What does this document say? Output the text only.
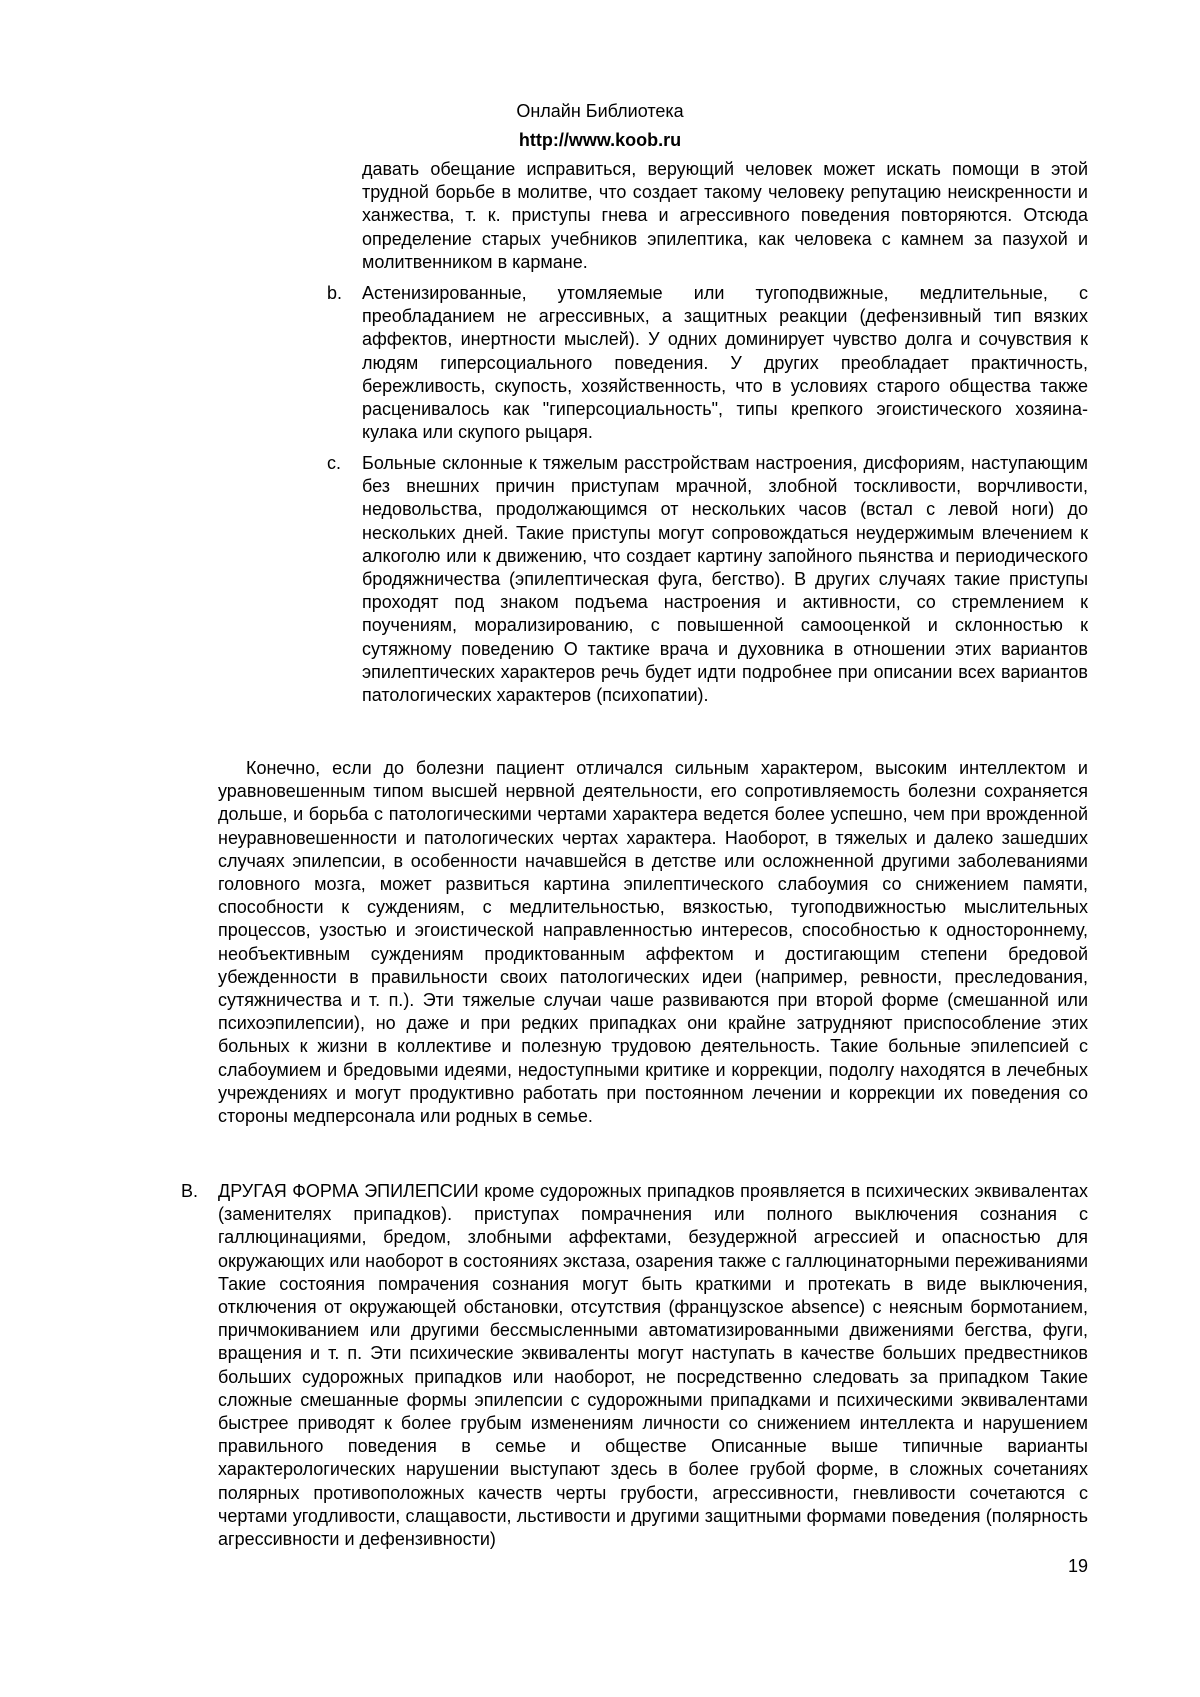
Онлайн Библиотека
http://www.koob.ru
давать обещание исправиться, верующий человек может искать помощи в этой трудной борьбе в молитве, что создает такому человеку репутацию неискренности и ханжества, т. к. приступы гнева и агрессивного поведения повторяются. Отсюда определение старых учебников эпилептика, как человека с камнем за пазухой и молитвенником в кармане.
b. Астенизированные, утомляемые или тугоподвижные, медлительные, с преобладанием не агрессивных, а защитных реакции (дефензивный тип вязких аффектов, инертности мыслей). У одних доминирует чувство долга и сочувствия к людям гиперсоциального поведения. У других преобладает практичность, бережливость, скупость, хозяйственность, что в условиях старого общества также расценивалось как "гиперсоциальность", типы крепкого эгоистического хозяина-кулака или скупого рыцаря.
c. Больные склонные к тяжелым расстройствам настроения, дисфориям, наступающим без внешних причин приступам мрачной, злобной тоскливости, ворчливости, недовольства, продолжающимся от нескольких часов (встал с левой ноги) до нескольких дней. Такие приступы могут сопровождаться неудержимым влечением к алкоголю или к движению, что создает картину запойного пьянства и периодического бродяжничества (эпилептическая фуга, бегство). В других случаях такие приступы проходят под знаком подъема настроения и активности, со стремлением к поучениям, морализированию, с повышенной самооценкой и склонностью к сутяжному поведению О тактике врача и духовника в отношении этих вариантов эпилептических характеров речь будет идти подробнее при описании всех вариантов патологических характеров (психопатии).
Конечно, если до болезни пациент отличался сильным характером, высоким интеллектом и уравновешенным типом высшей нервной деятельности, его сопротивляемость болезни сохраняется дольше, и борьба с патологическими чертами характера ведется более успешно, чем при врожденной неуравновешенности и патологических чертах характера. Наоборот, в тяжелых и далеко зашедших случаях эпилепсии, в особенности начавшейся в детстве или осложненной другими заболеваниями головного мозга, может развиться картина эпилептического слабоумия со снижением памяти, способности к суждениям, с медлительностью, вязкостью, тугоподвижностью мыслительных процессов, узостью и эгоистической направленностью интересов, способностью к одностороннему, необъективным суждениям продиктованным аффектом и достигающим степени бредовой убежденности в правильности своих патологических идеи (например, ревности, преследования, сутяжничества и т. п.). Эти тяжелые случаи чаше развиваются при второй форме (смешанной или психоэпилепсии), но даже и при редких припадках они крайне затрудняют приспособление этих больных к жизни в коллективе и полезную трудовою деятельность. Такие больные эпилепсией с слабоумием и бредовыми идеями, недоступными критике и коррекции, подолгу находятся в лечебных учреждениях и могут продуктивно работать при постоянном лечении и коррекции их поведения со стороны медперсонала или родных в семье.
B. ДРУГАЯ ФОРМА ЭПИЛЕПСИИ кроме судорожных припадков проявляется в психических эквивалентах (заменителях припадков). приступах помрачнения или полного выключения сознания с галлюцинациями, бредом, злобными аффектами, безудержной агрессией и опасностью для окружающих или наоборот в состояниях экстаза, озарения также с галлюцинаторными переживаниями Такие состояния помрачения сознания могут быть краткими и протекать в виде выключения, отключения от окружающей обстановки, отсутствия (французское absence) с неясным бормотанием, причмокиванием или другими бессмысленными автоматизированными движениями бегства, фуги, вращения и т. п. Эти психические эквиваленты могут наступать в качестве больших предвестников больших судорожных припадков или наоборот, не посредственно следовать за припадком Такие сложные смешанные формы эпилепсии с судорожными припадками и психическими эквивалентами быстрее приводят к более грубым изменениям личности со снижением интеллекта и нарушением правильного поведения в семье и обществе Описанные выше типичные варианты характерологических нарушении выступают здесь в более грубой форме, в сложных сочетаниях полярных противоположных качеств черты грубости, агрессивности, гневливости сочетаются с чертами угодливости, слащавости, льстивости и другими защитными формами поведения (полярность агрессивности и дефензивности)
19
